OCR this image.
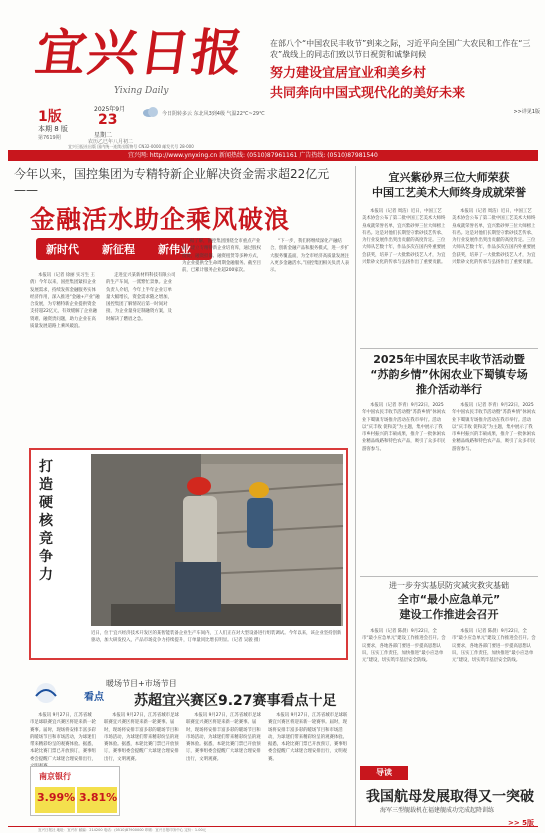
宜兴日报
Yixing Daily
1版
本期 8 版
第7619期
2025年9月
23
星期二
农历乙巳年八月初二
今日阴转多云 东北风3到4级 气温22℃~29℃
在部八个“中国农民丰收节”到来之际，习近平向全国广大农民和工作在“三农”战线上的同志们致以节日祝贺和诚挚问候
努力建设宜居宜业和美乡村
共同奔向中国式现代化的美好未来
>>详见1版
宜兴日报社出版 国内统一连续出版物号 CN32-0000 邮发代号 28-000
宜兴网: http://www.ynyxing.cn 新闻热线: (0510)87961161 广告热线: (0510)87981540
今年以来，国控集团为专精特新企业解决资金需求超22亿元——
金融活水助企乘风破浪
新时代 新征程 新伟业

本报讯（记者 徐丽 实习生 王倩）今年以来，国控集团紧扣企业发展需求，持续发挥金融服务实体经济作用，深入推进“金融+产业”融合发展，为专精特新企业提供资金支持超22亿元，有效缓解了企业融资难、融资贵问题，助力企业在高质量发展道路上乘风破浪。

走进宜兴某新材料科技有限公司的生产车间，一派繁忙景象。企业负责人介绍，今年上半年企业订单量大幅增长，资金需求随之增加，国控集团了解情况后第一时间对接，为企业量身定制融资方案，及时解决了燃眉之急。

据了解，国控集团围绕全市重点产业链，建立专精特新企业培育库，通过股权投资、融资担保、融资租赁等多种方式，为企业提供全生命周期金融服务。截至目前，已累计服务企业超200家次。

“下一步，我们将继续深化产融结合，创新金融产品和服务模式，进一步扩大服务覆盖面，为全市经济高质量发展注入更多金融活水。”国控集团相关负责人表示。

打造硬核竞争力
近日，位于宜兴经济技术开发区的某智能装备企业生产车间内，工人们正在对大型设备进行组装调试。今年以来，该企业坚持创新驱动，加大研发投入，产品市场竞争力持续提升，订单量同比增长明显。（记者 吴骏 摄）
看点
暖场节目+市场节目
苏超宜兴赛区9.27赛事看点十足

本报讯 9月27日，江苏省城市足球联赛宜兴赛区将迎来新一轮赛事。届时，现场将安排丰富多彩的暖场节目和市场活动，为球迷们带来精彩纷呈的观赛体验。据悉，本轮比赛门票已开放预订，赛事组委会提醒广大球迷合理安排出行，

本报讯 9月27日，江苏省城市足球联赛宜兴赛区将迎来新一轮赛事。届时，现场将安排丰富多彩的暖场节目和市场活动，为球迷们带来精彩纷呈的观赛体验。据悉，本轮比赛门票已开放预订，赛事组委会提醒广大球迷合理安排出行，文明观赛。

本报讯 9月27日，江苏省城市足球联赛宜兴赛区将迎来新一轮赛事。届时，现场将安排丰富多彩的暖场节目和市场活动，为球迷们带来精彩纷呈的观赛体验。据悉，本轮比赛门票已开放预订，赛事组委会提醒广大球迷合理安排出行，文明观赛。

本报讯 9月27日，江苏省城市足球联赛宜兴赛区将迎来新一轮赛事。届时，现场将安排丰富多彩的暖场节目和市场活动，为球迷们带来精彩纷呈的观赛体验。据悉，本轮比赛门票已开放预订，赛事组委会提醒广大球迷合理安排出行，文明观赛。

南京银行
3.99% 3.81%
宜兴紫砂界三位大师荣获
中国工艺美术大师终身成就荣誉

本报讯（记者 周洁）近日，中国工艺美术协会公布了第二批中国工艺美术大师终身成就荣誉名单，宜兴紫砂界三位大师榜上有名。这是对他们长期坚守紫砂技艺传承、为行业发展作出突出贡献的高度肯定。三位大师从艺数十年，作品多次在国内外重要展会获奖，培养了一大批紫砂技艺人才，为宜兴紫砂文化的传承与弘扬作出了重要贡献。

本报讯（记者 周洁）近日，中国工艺美术协会公布了第二批中国工艺美术大师终身成就荣誉名单，宜兴紫砂界三位大师榜上有名。这是对他们长期坚守紫砂技艺传承、为行业发展作出突出贡献的高度肯定。三位大师从艺数十年，作品多次在国内外重要展会获奖，培养了一大批紫砂技艺人才，为宜兴紫砂文化的传承与弘扬作出了重要贡献。

2025年中国农民丰收节活动暨
“苏韵乡情”休闲农业下蜀镇专场
推介活动举行

本报讯（记者 李青）9月22日，2025年中国农民丰收节活动暨“苏韵乡情”休闲农业下蜀镇专场推介活动在我市举行。活动以“庆丰收 促和美”为主题，集中展示了我市乡村振兴的丰硕成果，推介了一批休闲农业精品线路和特色农产品，吸引了众多市民游客参与。

本报讯（记者 李青）9月22日，2025年中国农民丰收节活动暨“苏韵乡情”休闲农业下蜀镇专场推介活动在我市举行。活动以“庆丰收 促和美”为主题，集中展示了我市乡村振兴的丰硕成果，推介了一批休闲农业精品线路和特色农产品，吸引了众多市民游客参与。

进一步夯实基层防灾减灾救灾基础
全市“最小应急单元”
建设工作推进会召开

本报讯（记者 陈晨）9月22日，全市“最小应急单元”建设工作推进会召开。会议要求，各地各部门要进一步提高思想认识，压实工作责任，加快推进“最小应急单元”建设，切实筑牢基层安全防线。

本报讯（记者 陈晨）9月22日，全市“最小应急单元”建设工作推进会召开。会议要求，各地各部门要进一步提高思想认识，压实工作责任，加快推进“最小应急单元”建设，切实筑牢基层安全防线。

导读
我国航母发展取得又一突破
海军三型舰载机在福建舰成功完成起降训练
>> 5版
宜兴日报社 地址：宜兴市 邮编：214200 电话：(0510)87900000 印刷：宜兴日报印务中心 定价：1.00元
